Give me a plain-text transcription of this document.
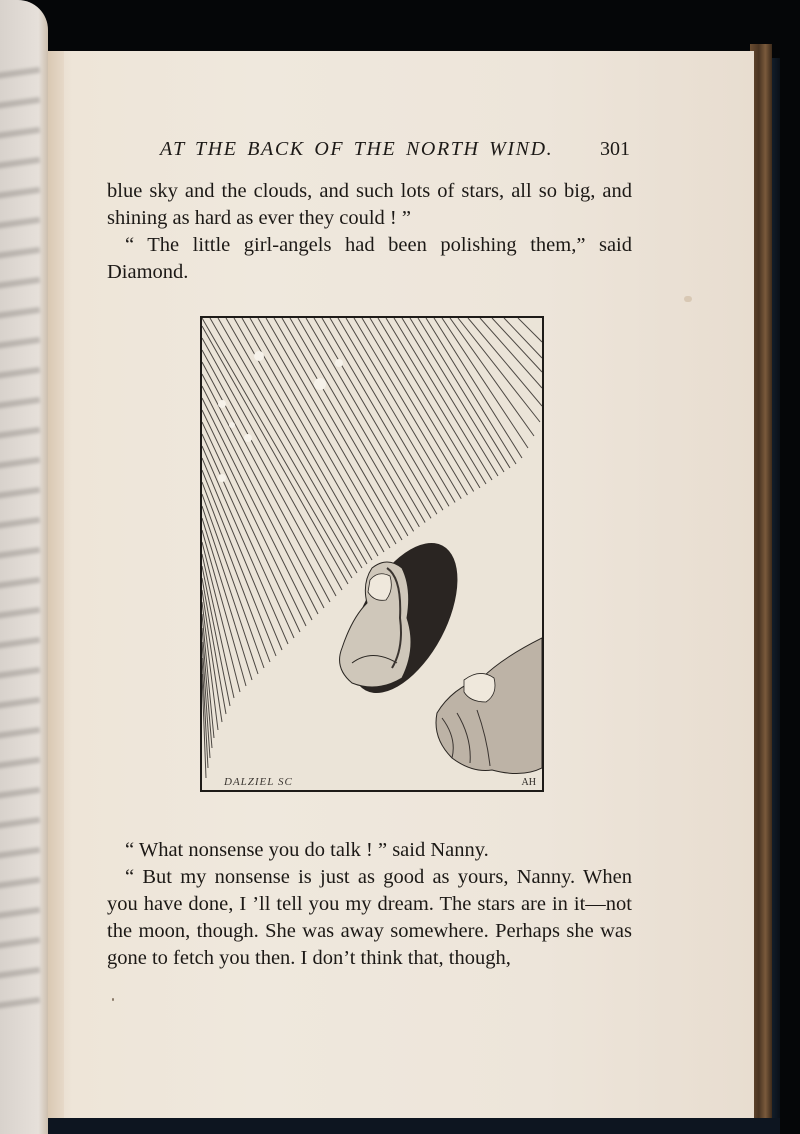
AT THE BACK OF THE NORTH WIND. 301

blue sky and the clouds, and such lots of stars, all so big, and shining as hard as ever they could ! ”

“ The little girl-angels had been polishing them,” said Diamond.

DALZIEL SC	AH

“ What nonsense you do talk ! ” said Nanny.

“ But my nonsense is just as good as yours, Nanny. When you have done, I ’ll tell you my dream. The stars are in it—not the moon, though. She was away somewhere. Perhaps she was gone to fetch you then. I don’t think that, though,
